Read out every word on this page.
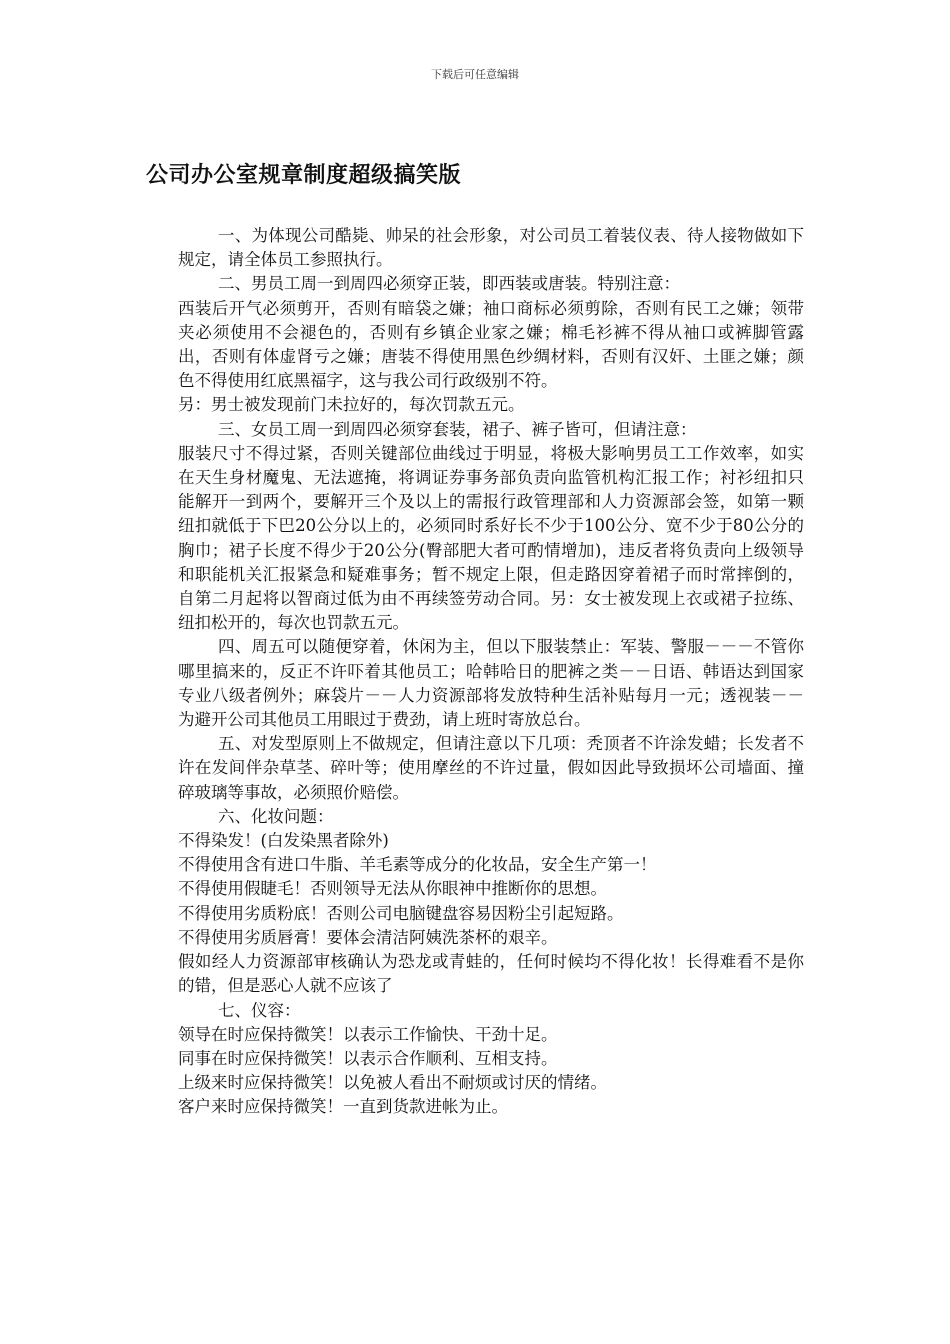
下载后可任意编辑
公司办公室规章制度超级搞笑版

一、为体现公司酷毙、帅呆的社会形象，对公司员工着装仪表、待人接物做如下规定，请全体员工参照执行。

二、男员工周一到周四必须穿正装，即西装或唐装。特别注意：

西装后开气必须剪开，否则有暗袋之嫌；袖口商标必须剪除，否则有民工之嫌；领带夹必须使用不会褪色的，否则有乡镇企业家之嫌；棉毛衫裤不得从袖口或裤脚管露出，否则有体虚肾亏之嫌；唐装不得使用黑色纱绸材料，否则有汉奸、土匪之嫌；颜色不得使用红底黑福字，这与我公司行政级别不符。

另：男士被发现前门未拉好的，每次罚款五元。

三、女员工周一到周四必须穿套装，裙子、裤子皆可，但请注意：

服装尺寸不得过紧，否则关键部位曲线过于明显，将极大影响男员工工作效率，如实在天生身材魔鬼、无法遮掩，将调证券事务部负责向监管机构汇报工作；衬衫纽扣只能解开一到两个，要解开三个及以上的需报行政管理部和人力资源部会签，如第一颗纽扣就低于下巴20公分以上的，必须同时系好长不少于100公分、宽不少于80公分的胸巾；裙子长度不得少于20公分(臀部肥大者可酌情增加)，违反者将负责向上级领导和职能机关汇报紧急和疑难事务；暂不规定上限，但走路因穿着裙子而时常摔倒的，自第二月起将以智商过低为由不再续签劳动合同。另：女士被发现上衣或裙子拉练、纽扣松开的，每次也罚款五元。

四、周五可以随便穿着，休闲为主，但以下服装禁止：军装、警服－－－不管你哪里搞来的，反正不许吓着其他员工；哈韩哈日的肥裤之类－－日语、韩语达到国家专业八级者例外；麻袋片－－人力资源部将发放特种生活补贴每月一元；透视装－－为避开公司其他员工用眼过于费劲，请上班时寄放总台。

五、对发型原则上不做规定，但请注意以下几项：秃顶者不许涂发蜡；长发者不许在发间伴杂草茎、碎叶等；使用摩丝的不许过量，假如因此导致损坏公司墙面、撞碎玻璃等事故，必须照价赔偿。

六、化妆问题：

不得染发！(白发染黑者除外)

不得使用含有进口牛脂、羊毛素等成分的化妆品，安全生产第一！

不得使用假睫毛！否则领导无法从你眼神中推断你的思想。

不得使用劣质粉底！否则公司电脑键盘容易因粉尘引起短路。

不得使用劣质唇膏！要体会清洁阿姨洗茶杯的艰辛。

假如经人力资源部审核确认为恐龙或青蛙的，任何时候均不得化妆！长得难看不是你的错，但是恶心人就不应该了

七、仪容：

领导在时应保持微笑！以表示工作愉快、干劲十足。

同事在时应保持微笑！以表示合作顺利、互相支持。

上级来时应保持微笑！以免被人看出不耐烦或讨厌的情绪。

客户来时应保持微笑！一直到货款进帐为止。
